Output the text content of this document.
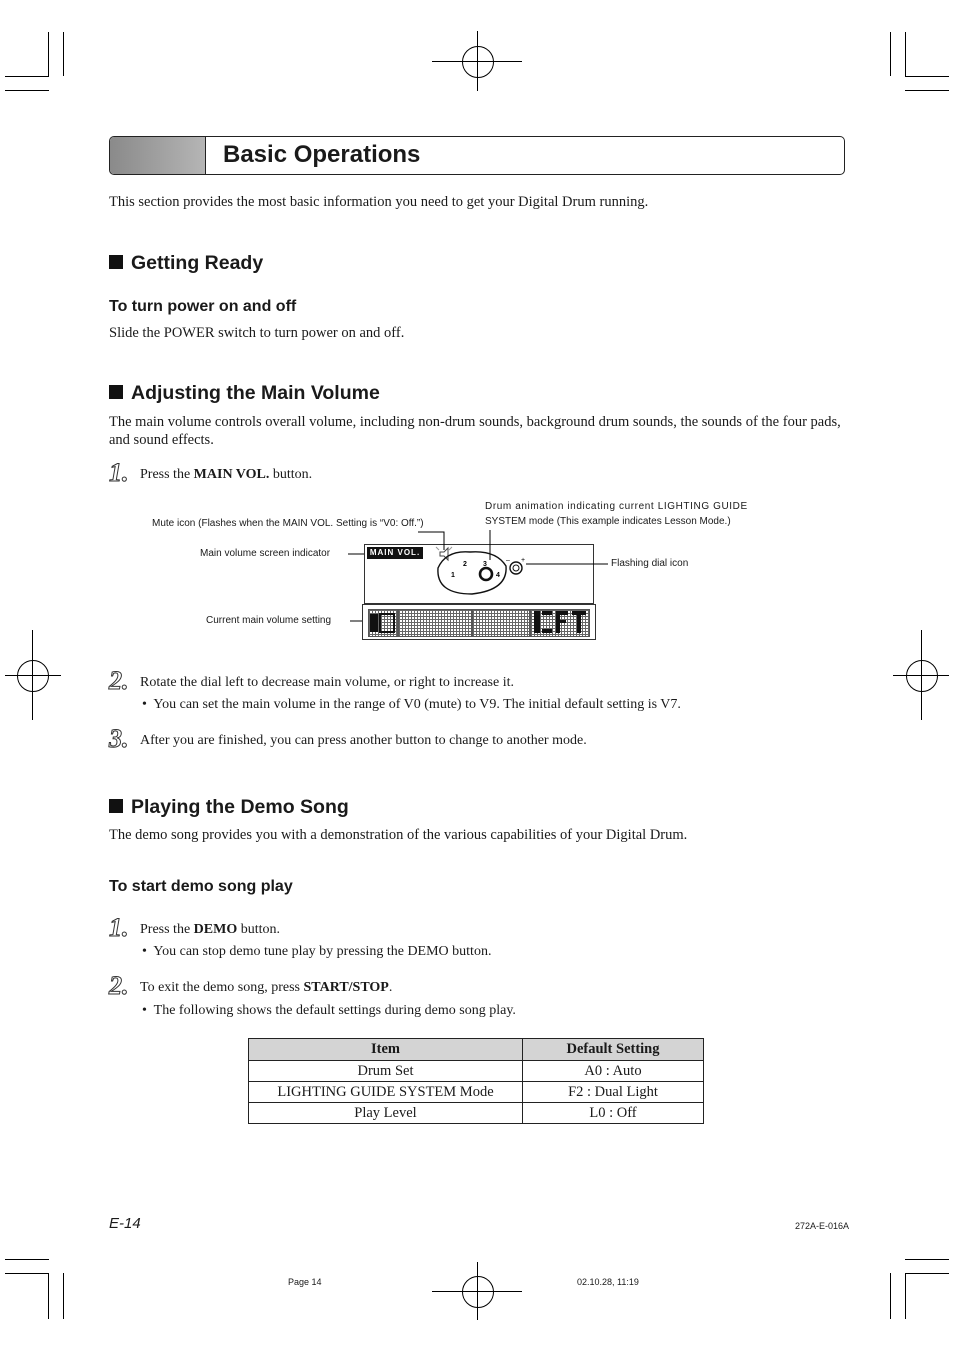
Basic Operations
This section provides the most basic information you need to get your Digital Drum running.
Getting Ready
To turn power on and off
Slide the POWER switch to turn power on and off.
Adjusting the Main Volume
The main volume controls overall volume, including non-drum sounds, background drum sounds, the sounds of the four pads, and sound effects.
1. Press the MAIN VOL. button.
Mute icon (Flashes when the MAIN VOL. Setting is “V0: Off.”)
Drum animation indicating current LIGHTING GUIDE
SYSTEM mode (This example indicates Lesson Mode.)
Main volume screen indicator
Flashing dial icon
Current main volume setting
MAIN VOL.
1
2 3
4
– +
2. Rotate the dial left to decrease main volume, or right to increase it.
•  You can set the main volume in the range of V0 (mute) to V9. The initial default setting is V7.
3. After you are finished, you can press another button to change to another mode.
Playing the Demo Song
The demo song provides you with a demonstration of the various capabilities of your Digital Drum.
To start demo song play
1. Press the DEMO button.
•  You can stop demo tune play by pressing the DEMO button.
2. To exit the demo song, press START/STOP.
•  The following shows the default settings during demo song play.
Item	Default Setting
Drum Set	A0 : Auto
LIGHTING GUIDE SYSTEM Mode	F2 : Dual Light
Play Level	L0 : Off
E-14	272A-E-016A
Page 14	02.10.28, 11:19
